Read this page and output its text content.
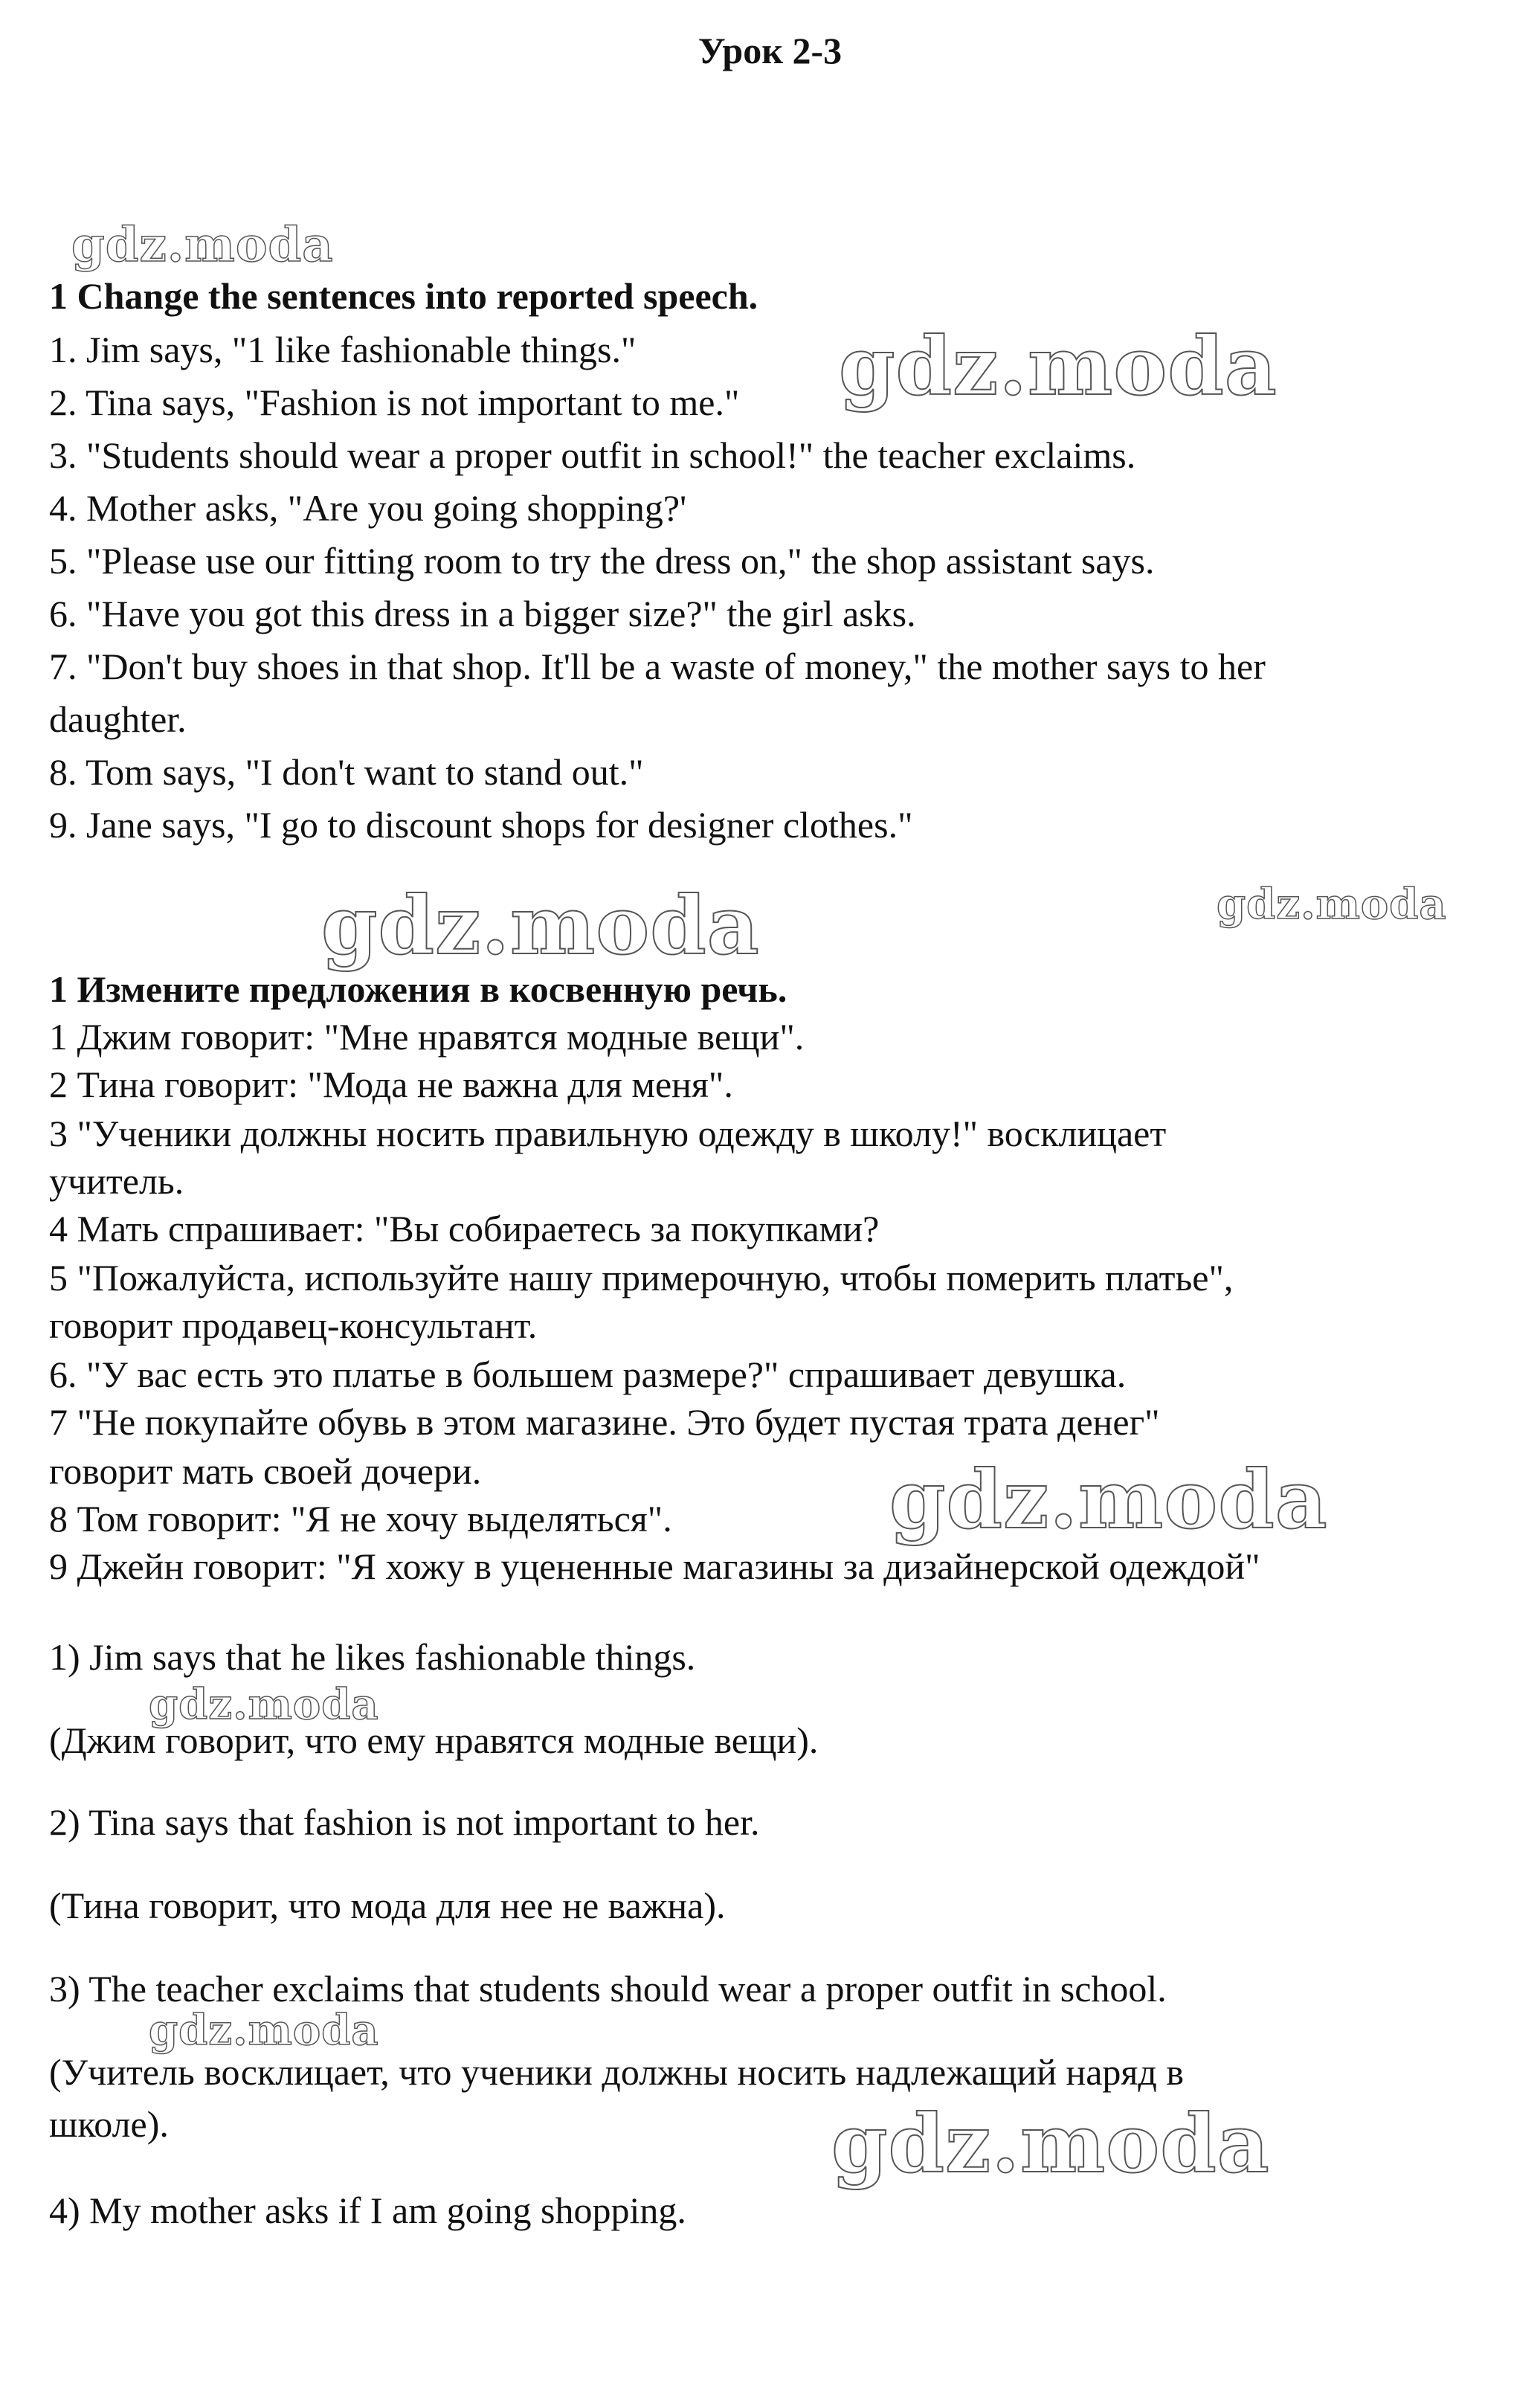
Урок 2-3
gdz.moda
gdz.moda
gdz.moda	gdz.moda
gdz.moda
gdz.moda
gdz.moda
gdz.moda
1 Change the sentences into reported speech.
1. Jim says, "1 like fashionable things."
2. Tina says, "Fashion is not important to me."
3. "Students should wear a proper outfit in school!" the teacher exclaims.
4. Mother asks, "Are you going shopping?'
5. "Please use our fitting room to try the dress on," the shop assistant says.
6. "Have you got this dress in a bigger size?" the girl asks.
7. "Don't buy shoes in that shop. It'll be a waste of money," the mother says to her
daughter.
8. Tom says, "I don't want to stand out."
9. Jane says, "I go to discount shops for designer clothes."
1 Измените предложения в косвенную речь.
1 Джим говорит: "Мне нравятся модные вещи".
2 Тина говорит: "Мода не важна для меня".
3 "Ученики должны носить правильную одежду в школу!" восклицает
учитель.
4 Мать спрашивает: "Вы собираетесь за покупками?
5 "Пожалуйста, используйте нашу примерочную, чтобы померить платье",
говорит продавец-консультант.
6. "У вас есть это платье в большем размере?" спрашивает девушка.
7 "Не покупайте обувь в этом магазине. Это будет пустая трата денег"
говорит мать своей дочери.
8 Том говорит: "Я не хочу выделяться".
9 Джейн говорит: "Я хожу в уцененные магазины за дизайнерской одеждой"
1) Jim says that he likes fashionable things.
(Джим говорит, что ему нравятся модные вещи).
2) Tina says that fashion is not important to her.
(Тина говорит, что мода для нее не важна).
3) The teacher exclaims that students should wear a proper outfit in school.
(Учитель восклицает, что ученики должны носить надлежащий наряд в
школе).
4) My mother asks if I am going shopping.
